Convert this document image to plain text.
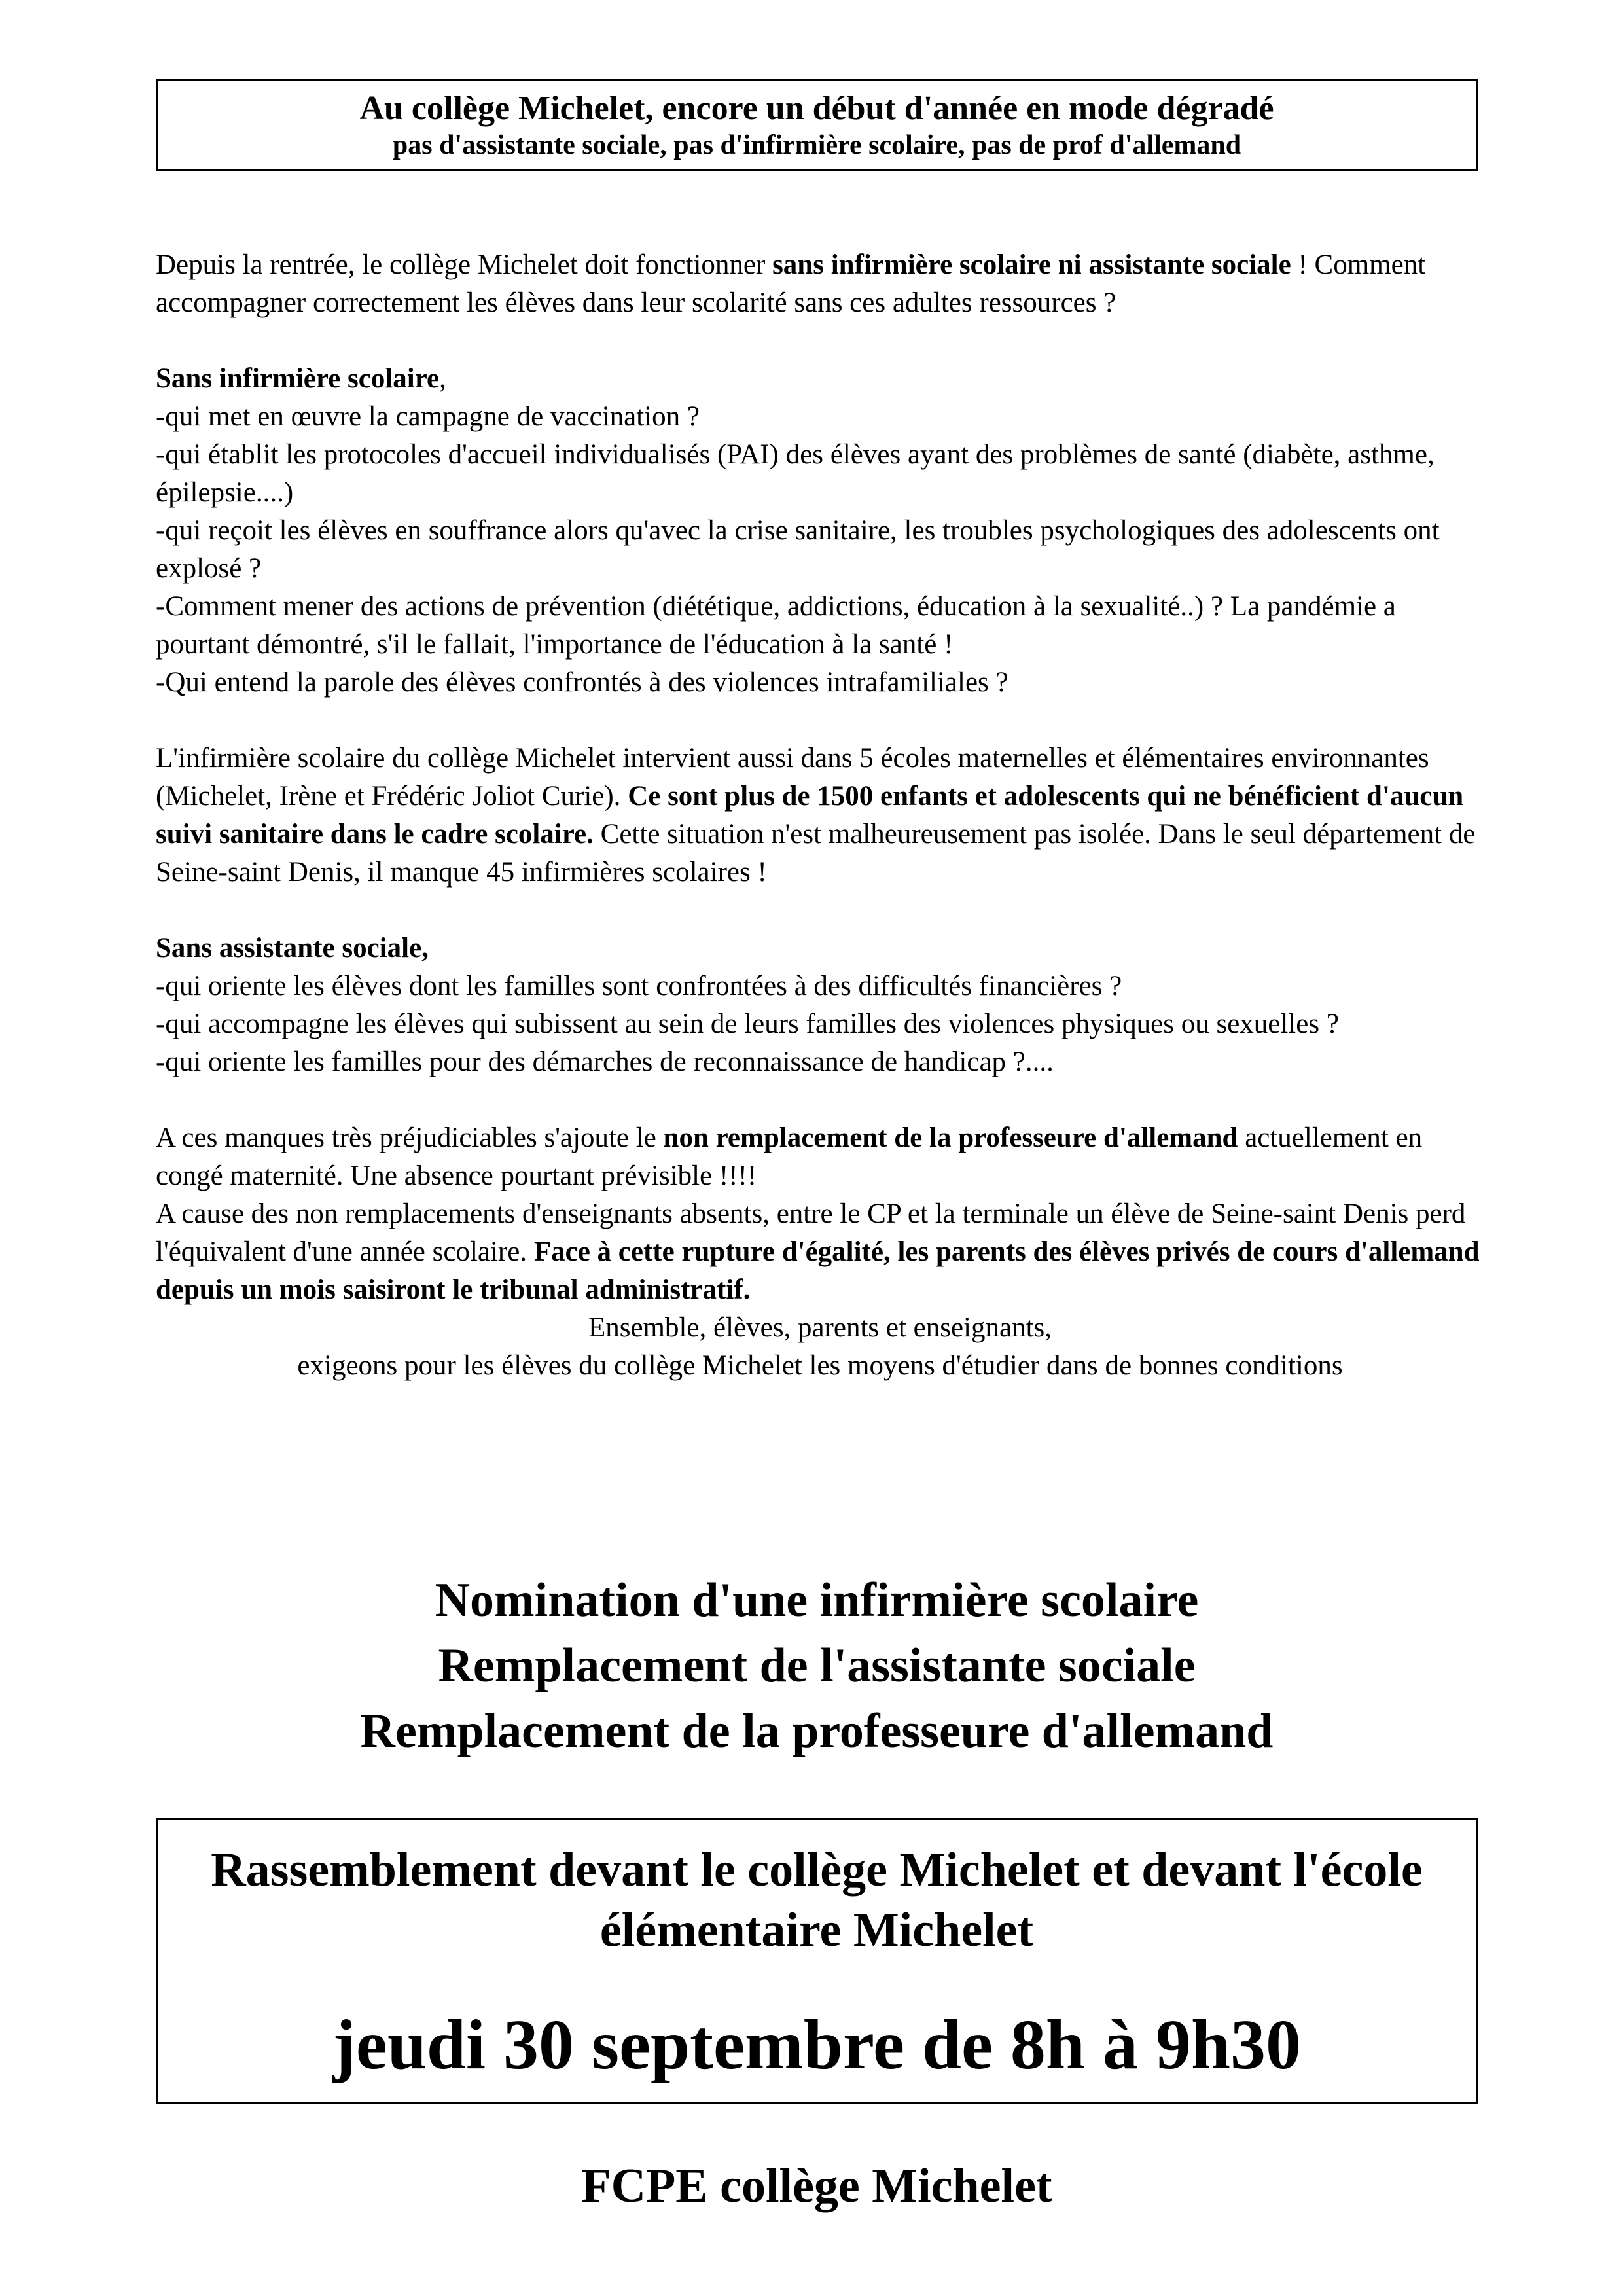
Au collège Michelet, encore un début d'année en mode dégradé
pas d'assistante sociale, pas d'infirmière scolaire, pas de prof d'allemand

Depuis la rentrée, le collège Michelet doit fonctionner sans infirmière scolaire ni assistante sociale ! Comment accompagner correctement les élèves dans leur scolarité sans ces adultes ressources ?

Sans infirmière scolaire,

-qui met en œuvre la campagne de vaccination ?

-qui établit les protocoles d'accueil individualisés (PAI) des élèves ayant des problèmes de santé (diabète, asthme, épilepsie....)

-qui reçoit les élèves en souffrance alors qu'avec la crise sanitaire, les troubles psychologiques des adolescents ont explosé ?

-Comment mener des actions de prévention (diététique, addictions, éducation à la sexualité..) ? La pandémie a pourtant démontré, s'il le fallait, l'importance de l'éducation à la santé !

-Qui entend la parole des élèves confrontés à des violences intrafamiliales ?

L'infirmière scolaire du collège Michelet intervient aussi dans 5 écoles maternelles et élémentaires environnantes (Michelet, Irène et Frédéric Joliot Curie). Ce sont plus de 1500 enfants et adolescents qui ne bénéficient d'aucun suivi sanitaire dans le cadre scolaire. Cette situation n'est malheureusement pas isolée. Dans le seul département de Seine-saint Denis, il manque 45 infirmières scolaires !

Sans assistante sociale,

-qui oriente les élèves dont les familles sont confrontées à des difficultés financières ?

-qui accompagne les élèves qui subissent au sein de leurs familles des violences physiques ou sexuelles ?

-qui oriente les familles pour des démarches de reconnaissance de handicap ?....

A ces manques très préjudiciables s'ajoute le non remplacement de la professeure d'allemand actuellement en congé maternité. Une absence pourtant prévisible !!!!

A cause des non remplacements d'enseignants absents, entre le CP et la terminale un élève de Seine-saint Denis perd l'équivalent d'une année scolaire. Face à cette rupture d'égalité, les parents des élèves privés de cours d'allemand depuis un mois saisiront le tribunal administratif.

Ensemble, élèves, parents et enseignants,

exigeons pour les élèves du collège Michelet les moyens d'étudier dans de bonnes conditions

Nomination d'une infirmière scolaire
Remplacement de l'assistante sociale
Remplacement de la professeure d'allemand
Rassemblement devant le collège Michelet et devant l'école élémentaire Michelet
jeudi 30 septembre de 8h à 9h30
FCPE collège Michelet
